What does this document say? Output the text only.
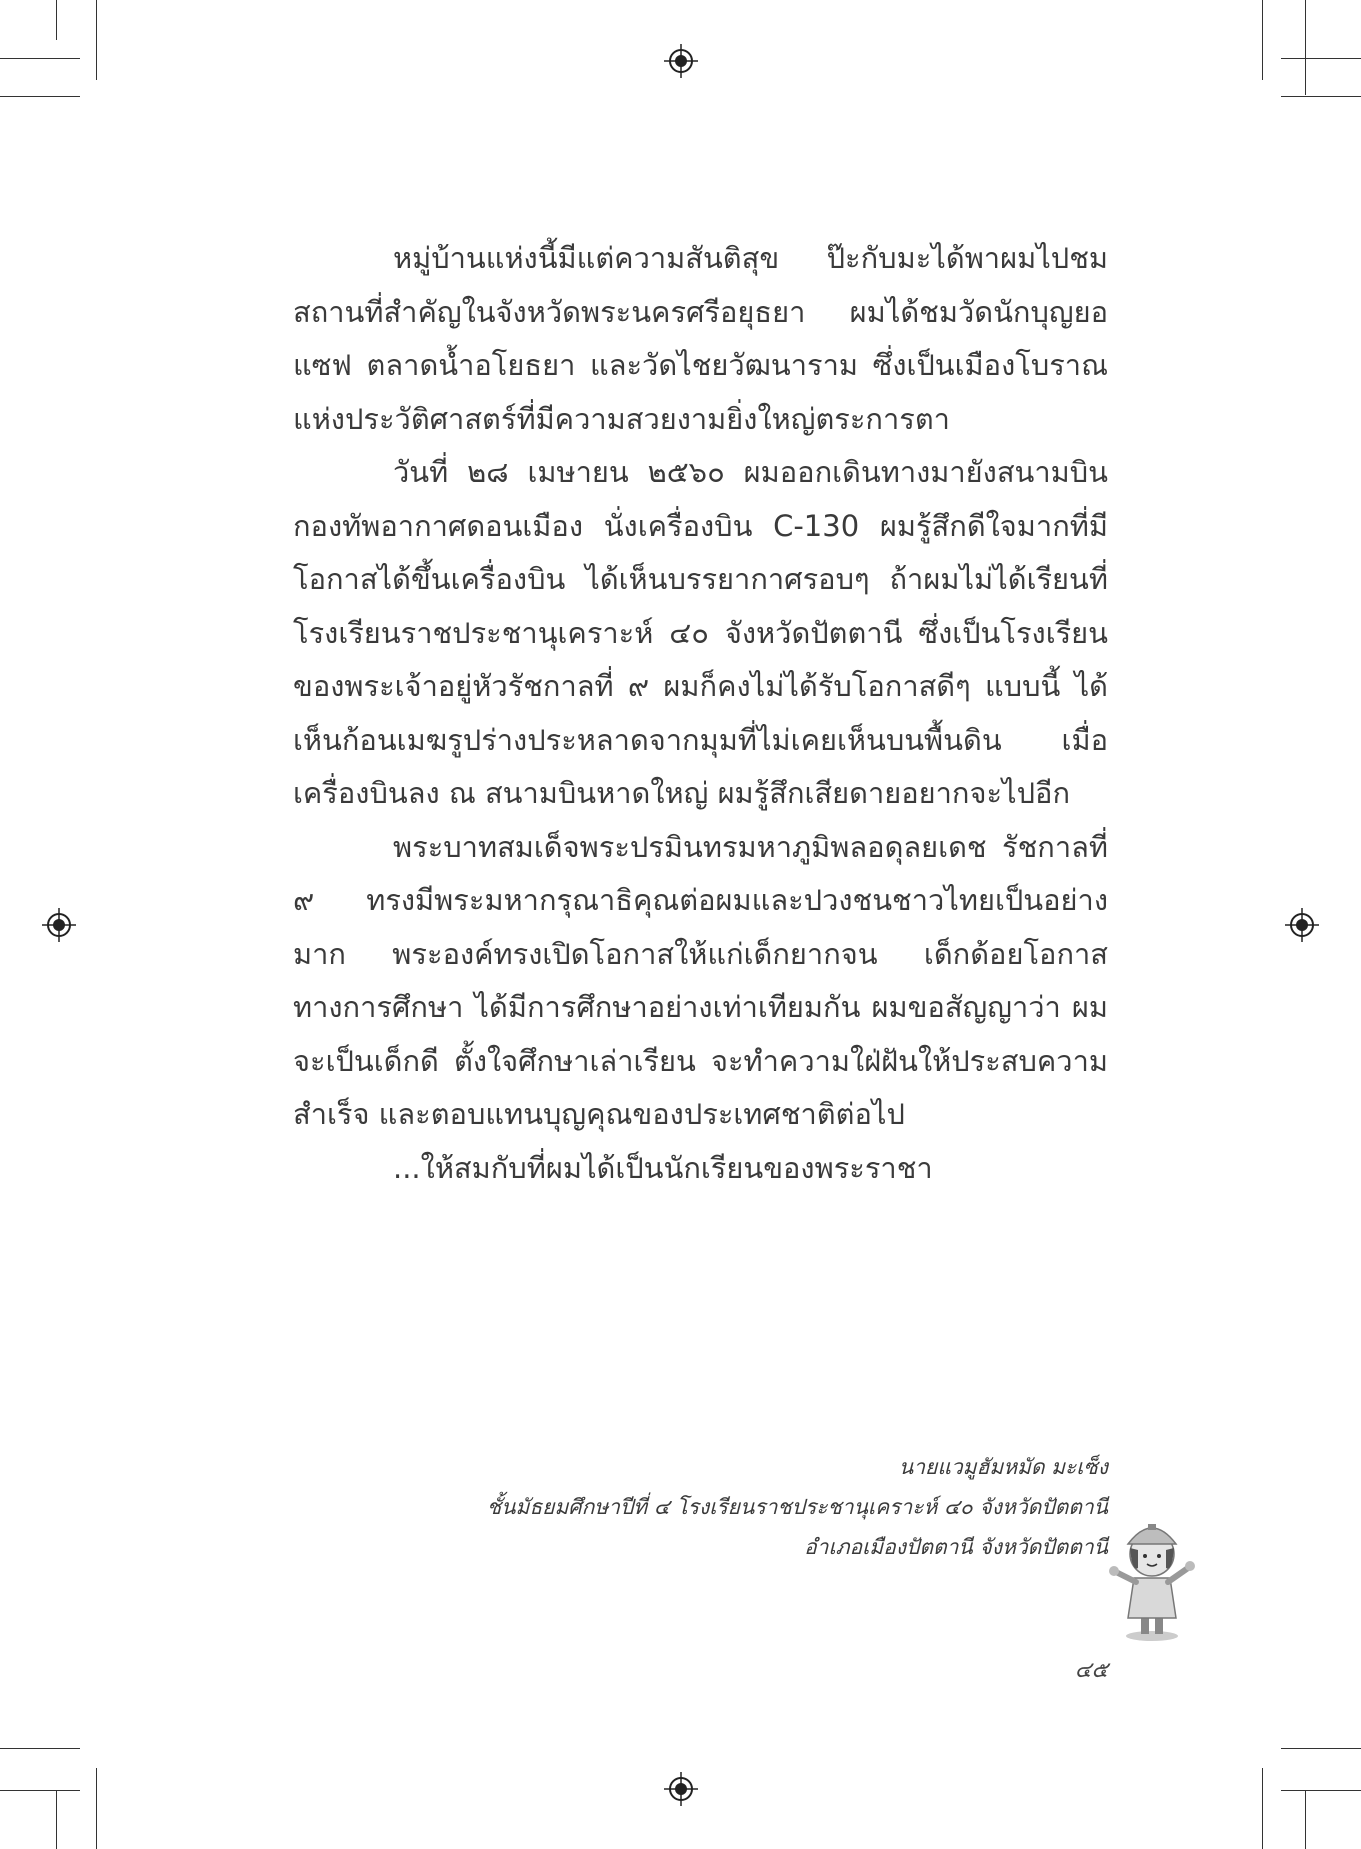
หมู่บ้านแห่งนี้มีแต่ความสันติสุข ป๊ะกับมะได้พาผมไปชมสถานที่สำคัญในจังหวัดพระนครศรีอยุธยา ผมได้ชมวัดนักบุญยอแซฟ ตลาดน้ำอโยธยา และวัดไชยวัฒนาราม ซึ่งเป็นเมืองโบราณแห่งประวัติศาสตร์ที่มีความสวยงามยิ่งใหญ่ตระการตา

วันที่ ๒๘ เมษายน ๒๕๖๐ ผมออกเดินทางมายังสนามบินกองทัพอากาศดอนเมือง นั่งเครื่องบิน C-130 ผมรู้สึกดีใจมากที่มีโอกาสได้ขึ้นเครื่องบิน ได้เห็นบรรยากาศรอบๆ ถ้าผมไม่ได้เรียนที่โรงเรียนราชประชานุเคราะห์ ๔๐ จังหวัดปัตตานี ซึ่งเป็นโรงเรียนของพระเจ้าอยู่หัวรัชกาลที่ ๙ ผมก็คงไม่ได้รับโอกาสดีๆ แบบนี้ ได้เห็นก้อนเมฆรูปร่างประหลาดจากมุมที่ไม่เคยเห็นบนพื้นดิน เมื่อเครื่องบินลง ณ สนามบินหาดใหญ่ ผมรู้สึกเสียดายอยากจะไปอีก

พระบาทสมเด็จพระปรมินทรมหาภูมิพลอดุลยเดช รัชกาลที่ ๙ ทรงมีพระมหากรุณาธิคุณต่อผมและปวงชนชาวไทยเป็นอย่างมาก พระองค์ทรงเปิดโอกาสให้แก่เด็กยากจน เด็กด้อยโอกาสทางการศึกษา ได้มีการศึกษาอย่างเท่าเทียมกัน ผมขอสัญญาว่า ผมจะเป็นเด็กดี ตั้งใจศึกษาเล่าเรียน จะทำความใฝ่ฝันให้ประสบความสำเร็จ และตอบแทนบุญคุณของประเทศชาติต่อไป

...ให้สมกับที่ผมได้เป็นนักเรียนของพระราชา

นายแวมูฮัมหมัด มะเซ็ง
ชั้นมัธยมศึกษาปีที่ ๔ โรงเรียนราชประชานุเคราะห์ ๔๐ จังหวัดปัตตานี
อำเภอเมืองปัตตานี จังหวัดปัตตานี
๔๕
